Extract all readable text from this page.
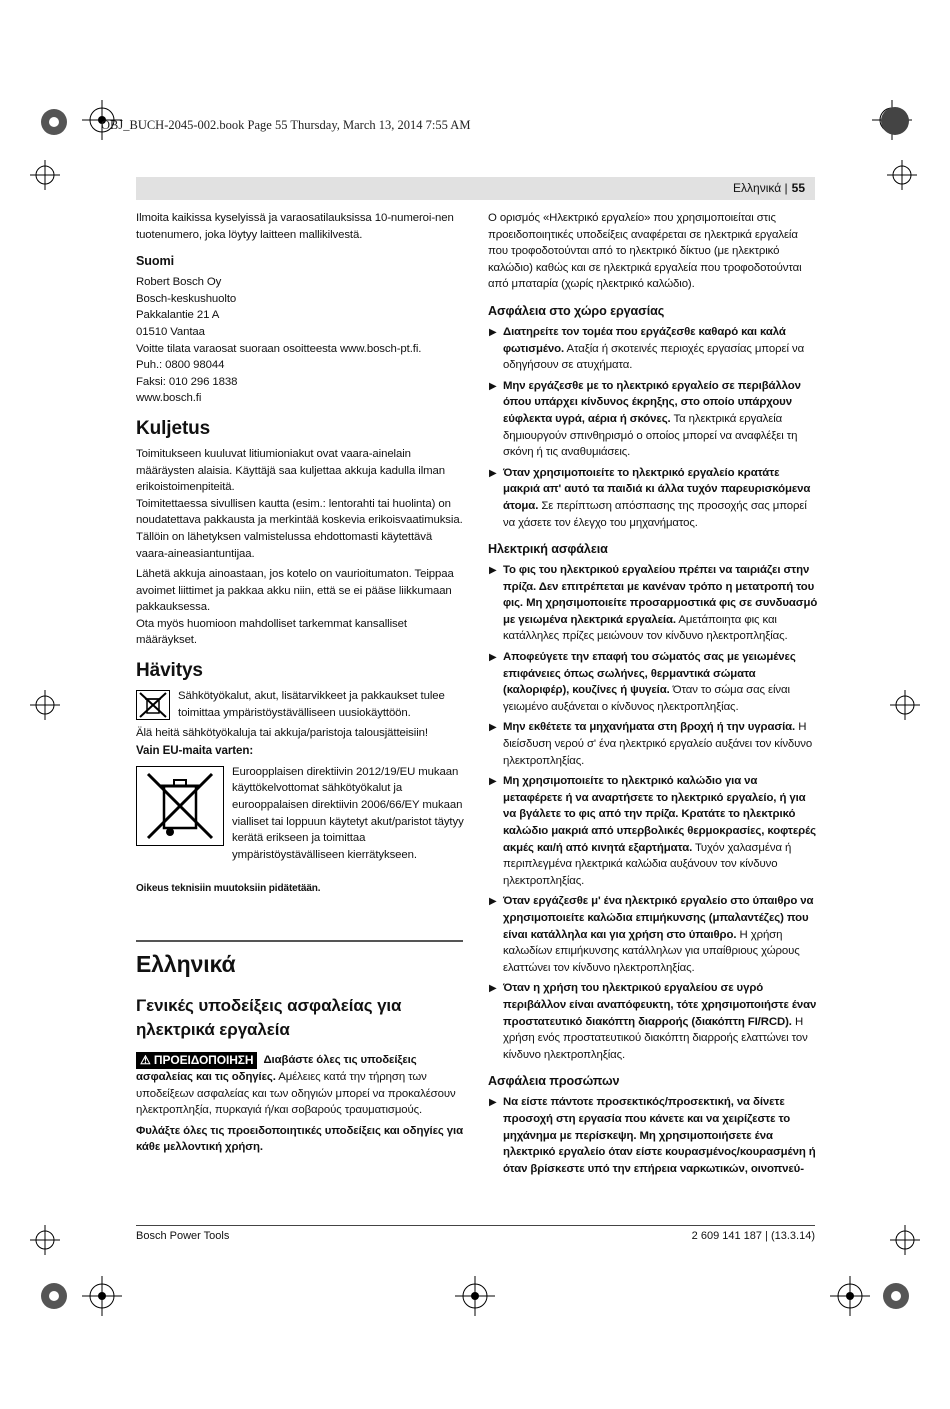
OBJ_BUCH-2045-002.book Page 55 Thursday, March 13, 2014 7:55 AM
Ελληνικά | 55

Ilmoita kaikissa kyselyissä ja varaosatilauksissa 10-numeroi-nen tuotenumero, joka löytyy laitteen mallikilvestä.

Suomi

Robert Bosch Oy

Bosch-keskushuolto

Pakkalantie 21 A

01510 Vantaa

Voitte tilata varaosat suoraan osoitteesta www.bosch-pt.fi.

Puh.: 0800 98044

Faksi: 010 296 1838

www.bosch.fi

Kuljetus

Toimitukseen kuuluvat litiumioniakut ovat vaara-ainelain määräysten alaisia. Käyttäjä saa kuljettaa akkuja kadulla ilman erikoistoimenpiteitä.

Toimitettaessa sivullisen kautta (esim.: lentorahti tai huolinta) on noudatettava pakkausta ja merkintää koskevia erikoisvaatimuksia. Tällöin on lähetyksen valmistelussa ehdottomasti käytettävä vaara-aineasiantuntijaa.

Lähetä akkuja ainoastaan, jos kotelo on vaurioitumaton. Teippaa avoimet liittimet ja pakkaa akku niin, että se ei pääse liikkumaan pakkauksessa.

Ota myös huomioon mahdolliset tarkemmat kansalliset määräykset.

Hävitys

Sähkötyökalut, akut, lisätarvikkeet ja pakkaukset tulee toimittaa ympäristöystävälliseen uusiokäyttöön.

Älä heitä sähkötyökaluja tai akkuja/paristoja talousjätteisiin!

Vain EU-maita varten:

Euroopplaisen direktiivin 2012/19/EU mukaan käyttökelvottomat sähkötyökalut ja eurooppalaisen direktiivin 2006/66/EY mukaan vialliset tai loppuun käytetyt akut/paristot täytyy kerätä erikseen ja toimittaa ympäristöystävälliseen kierrätykseen.

Oikeus teknisiin muutoksiin pidätetään.

Ελληνικά

Γενικές υποδείξεις ασφαλείας για ηλεκτρικά εργαλεία

⚠ ΠΡΟΕΙΔΟΠΟΙΗΣΗ Διαβάστε όλες τις υποδείξεις ασφαλείας και τις οδηγίες. Αμέλειες κατά την τήρηση των υποδείξεων ασφαλείας και των οδηγιών μπορεί να προκαλέσουν ηλεκτροπληξία, πυρκαγιά ή/και σοβαρούς τραυματισμούς.

Φυλάξτε όλες τις προειδοποιητικές υποδείξεις και οδηγίες για κάθε μελλοντική χρήση.

Ο ορισμός «Ηλεκτρικό εργαλείο» που χρησιμοποιείται στις προειδοποιητικές υποδείξεις αναφέρεται σε ηλεκτρικά εργαλεία που τροφοδοτούνται από το ηλεκτρικό δίκτυο (με ηλεκτρικό καλώδιο) καθώς και σε ηλεκτρικά εργαλεία που τροφοδοτούνται από μπαταρία (χωρίς ηλεκτρικό καλώδιο).

Ασφάλεια στο χώρο εργασίας

▶ Διατηρείτε τον τομέα που εργάζεσθε καθαρό και καλά φωτισμένο. Αταξία ή σκοτεινές περιοχές εργασίας μπορεί να οδηγήσουν σε ατυχήματα.
▶ Μην εργάζεσθε με το ηλεκτρικό εργαλείο σε περιβάλλον όπου υπάρχει κίνδυνος έκρηξης, στο οποίο υπάρχουν εύφλεκτα υγρά, αέρια ή σκόνες. Τα ηλεκτρικά εργαλεία δημιουργούν σπινθηρισμό ο οποίος μπορεί να αναφλέξει τη σκόνη ή τις αναθυμιάσεις.
▶ Όταν χρησιμοποιείτε το ηλεκτρικό εργαλείο κρατάτε μακριά απ' αυτό τα παιδιά κι άλλα τυχόν παρευρισκόμενα άτομα. Σε περίπτωση απόσπασης της προσοχής σας μπορεί να χάσετε τον έλεγχο του μηχανήματος.

Ηλεκτρική ασφάλεια

▶ Το φις του ηλεκτρικού εργαλείου πρέπει να ταιριάζει στην πρίζα. Δεν επιτρέπεται με κανέναν τρόπο η μετατροπή του φις. Μη χρησιμοποιείτε προσαρμοστικά φις σε συνδυασμό με γειωμένα ηλεκτρικά εργαλεία. Αμετάποιητα φις και κατάλληλες πρίζες μειώνουν τον κίνδυνο ηλεκτροπληξίας.
▶ Αποφεύγετε την επαφή του σώματός σας με γειωμένες επιφάνειες όπως σωλήνες, θερμαντικά σώματα (καλοριφέρ), κουζίνες ή ψυγεία. Όταν το σώμα σας είναι γειωμένο αυξάνεται ο κίνδυνος ηλεκτροπληξίας.
▶ Μην εκθέτετε τα μηχανήματα στη βροχή ή την υγρασία. Η διείσδυση νερού σ' ένα ηλεκτρικό εργαλείο αυξάνει τον κίνδυνο ηλεκτροπληξίας.
▶ Μη χρησιμοποιείτε το ηλεκτρικό καλώδιο για να μεταφέρετε ή να αναρτήσετε το ηλεκτρικό εργαλείο, ή για να βγάλετε το φις από την πρίζα. Κρατάτε το ηλεκτρικό καλώδιο μακριά από υπερβολικές θερμοκρασίες, κοφτερές ακμές και/ή από κινητά εξαρτήματα. Τυχόν χαλασμένα ή περιπλεγμένα ηλεκτρικά καλώδια αυξάνουν τον κίνδυνο ηλεκτροπληξίας.
▶ Όταν εργάζεσθε μ' ένα ηλεκτρικό εργαλείο στο ύπαιθρο να χρησιμοποιείτε καλώδια επιμήκυνσης (μπαλαντέζες) που είναι κατάλληλα και για χρήση στο ύπαιθρο. Η χρήση καλωδίων επιμήκυνσης κατάλληλων για υπαίθριους χώρους ελαττώνει τον κίνδυνο ηλεκτροπληξίας.
▶ Όταν η χρήση του ηλεκτρικού εργαλείου σε υγρό περιβάλλον είναι αναπόφευκτη, τότε χρησιμοποιήστε έναν προστατευτικό διακόπτη διαρροής (διακόπτη FI/RCD). Η χρήση ενός προστατευτικού διακόπτη διαρροής ελαττώνει τον κίνδυνο ηλεκτροπληξίας.

Ασφάλεια προσώπων

▶ Να είστε πάντοτε προσεκτικός/προσεκτική, να δίνετε προσοχή στη εργασία που κάνετε και να χειρίζεστε το μηχάνημα με περίσκεψη. Μη χρησιμοποιήσετε ένα ηλεκτρικό εργαλείο όταν είστε κουρασμένος/κουρασμένη ή όταν βρίσκεστε υπό την επήρεια ναρκωτικών, οινοπνεύ-
Bosch Power Tools	2 609 141 187 | (13.3.14)
